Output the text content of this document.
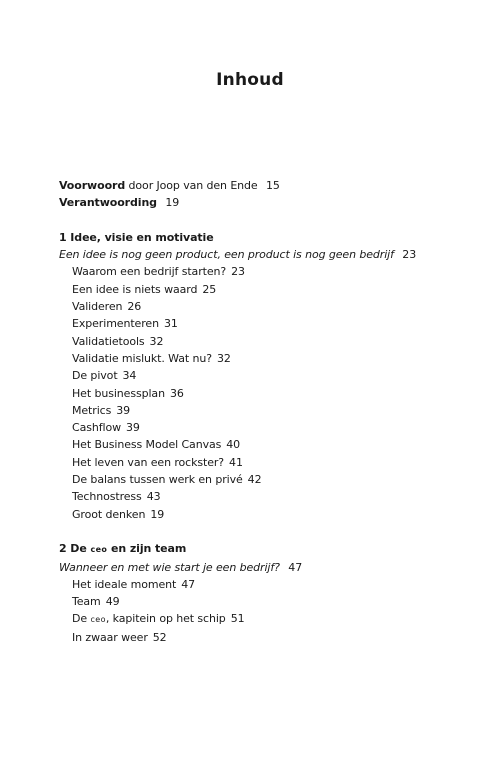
Inhoud
Voorwoord door Joop van den Ende 15
Verantwoording 19
1 Idee, visie en motivatie
Een idee is nog geen product, een product is nog geen bedrijf 23
Waarom een bedrijf starten? 23
Een idee is niets waard 25
Valideren 26
Experimenteren 31
Validatietools 32
Validatie mislukt. Wat nu? 32
De pivot 34
Het businessplan 36
Metrics 39
Cashflow 39
Het Business Model Canvas 40
Het leven van een rockster? 41
De balans tussen werk en privé 42
Technostress 43
Groot denken 19
2 De ceo en zijn team
Wanneer en met wie start je een bedrijf? 47
Het ideale moment 47
Team 49
De ceo, kapitein op het schip 51
In zwaar weer 52
